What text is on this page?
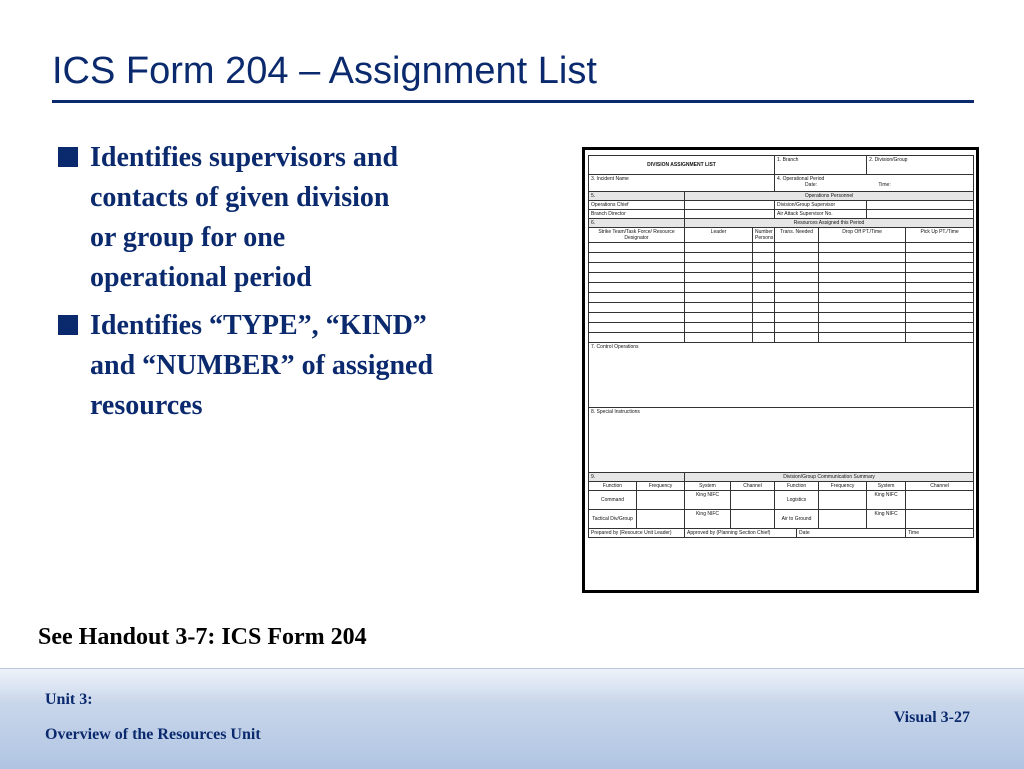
ICS Form 204 – Assignment List
Identifies supervisors and
contacts of given division
or group for one
operational period
Identifies “TYPE”, “KIND”
and “NUMBER” of assigned
resources
DIVISION ASSIGNMENT LIST					1. Branch			2. Division/Group	
3. Incident Name					4. Operational Period
Date: Time:				
5.		Operations Personnel							
Operations Chief					Division/Group Supervisor				
Branch Director					Air Attack Supervisor No.				
6.		Resources Assigned this Period							
Strike Team/Task Force/ Resource Designator		Leader		Number Persons	Trans. Needed		Drop Off PT./Time		Pick Up PT./Time

7. Control Operations									
8. Special Instructions									
9.		Division/Group Communication Summary							
Function	Frequency	System	Channel		Function		Frequency	System	Channel
Command		King NIFC			Logistics			King NIFC	
Tactical Div/Group		King NIFC			Air to Ground			King NIFC	
Prepared by (Resource Unit Leader)		Approved by (Planning Section Chief)				Date			Time
See Handout 3-7: ICS Form 204
Unit 3:
Overview of the Resources Unit
Visual 3-27
